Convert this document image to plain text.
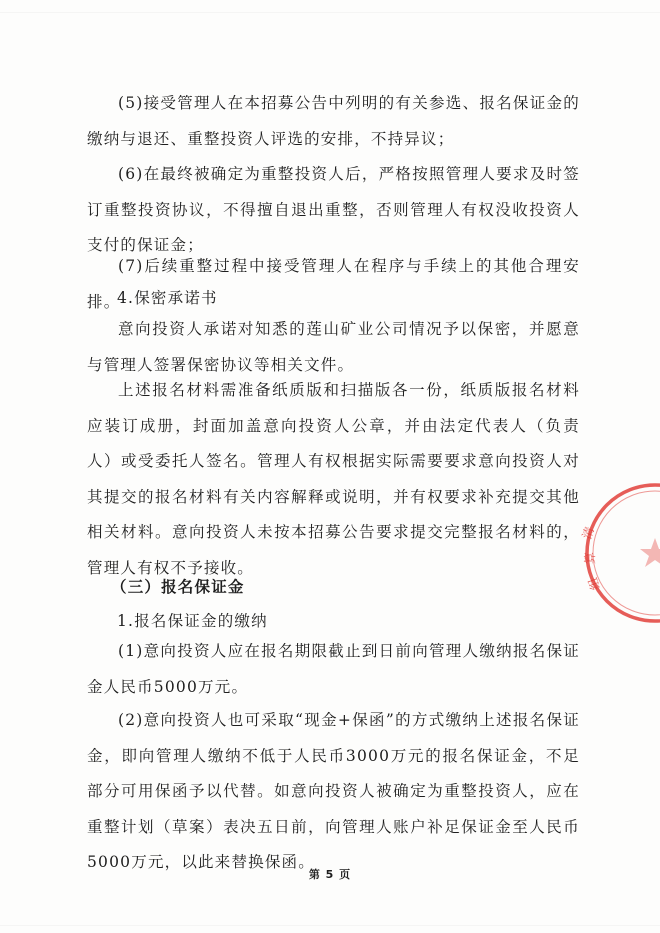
(5)接受管理人在本招募公告中列明的有关参选、报名保证金的缴纳与退还、重整投资人评选的安排，不持异议；

(6)在最终被确定为重整投资人后，严格按照管理人要求及时签订重整投资协议，不得擅自退出重整，否则管理人有权没收投资人支付的保证金；

(7)后续重整过程中接受管理人在程序与手续上的其他合理安排。

4.保密承诺书

意向投资人承诺对知悉的莲山矿业公司情况予以保密，并愿意与管理人签署保密协议等相关文件。

上述报名材料需准备纸质版和扫描版各一份，纸质版报名材料应装订成册，封面加盖意向投资人公章，并由法定代表人（负责人）或受委托人签名。管理人有权根据实际需要要求意向投资人对其提交的报名材料有关内容解释或说明，并有权要求补充提交其他相关材料。意向投资人未按本招募公告要求提交完整报名材料的，管理人有权不予接收。

（三）报名保证金

1.报名保证金的缴纳

(1)意向投资人应在报名期限截止到日前向管理人缴纳报名保证金人民币5000万元。

(2)意向投资人也可采取“现金+保函”的方式缴纳上述报名保证金，即向管理人缴纳不低于人民币3000万元的报名保证金，不足部分可用保函予以代替。如意向投资人被确定为重整投资人，应在重整计划（草案）表决五日前，向管理人账户补足保证金至人民币5000万元，以此来替换保函。

第 5 页
清
算
组
